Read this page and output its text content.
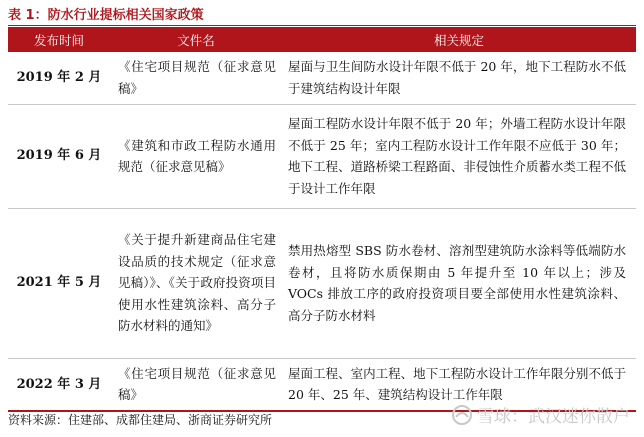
表 1：防水行业提标相关国家政策
发布时间	文件名	相关规定
2019 年 2 月	《住宅项目规范（征求意见稿》	屋面与卫生间防水设计年限不低于 20 年，地下工程防水不低于建筑结构设计年限
2019 年 6 月	《建筑和市政工程防水通用规范（征求意见稿》	屋面工程防水设计年限不低于 20 年；外墙工程防水设计年限不低于 25 年；室内工程防水设计工作年限不应低于 30 年；地下工程、道路桥梁工程路面、非侵蚀性介质蓄水类工程不低于设计工作年限
2021 年 5 月	《关于提升新建商品住宅建设品质的技术规定（征求意见稿）》、《关于政府投资项目使用水性建筑涂料、高分子防水材料的通知》	禁用热熔型 SBS 防水卷材、溶剂型建筑防水涂料等低端防水卷材，且将防水质保期由 5 年提升至 10 年以上；涉及 VOCs 排放工序的政府投资项目要全部使用水性建筑涂料、高分子防水材料
2022 年 3 月	《住宅项目规范（征求意见稿》	屋面工程、室内工程、地下工程防水设计工作年限分别不低于 20 年、25 年、建筑结构设计工作年限
资料来源：住建部、成都住建局、浙商证券研究所	雪球：武汉迷你散户
